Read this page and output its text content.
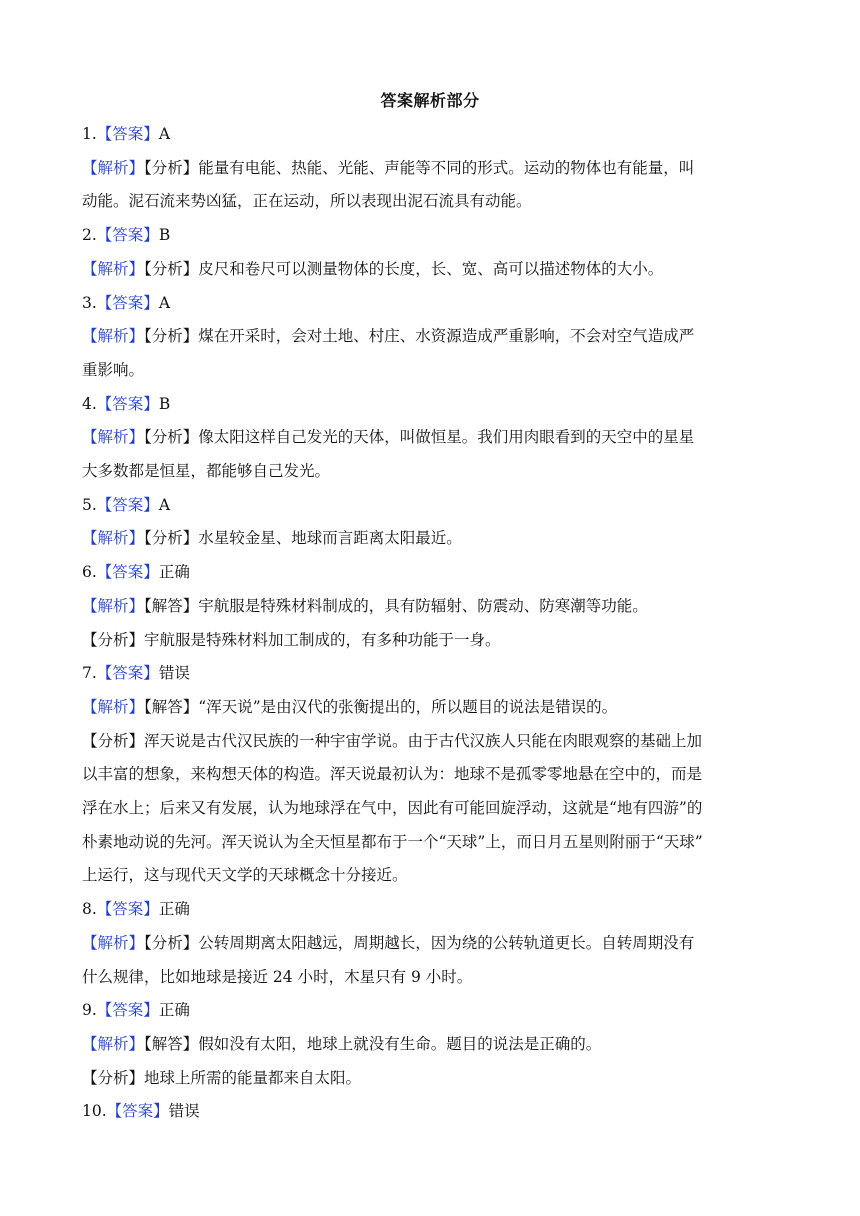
答案解析部分
1.【答案】A
【解析】【分析】能量有电能、热能、光能、声能等不同的形式。运动的物体也有能量，叫
动能。泥石流来势凶猛，正在运动，所以表现出泥石流具有动能。
2.【答案】B
【解析】【分析】皮尺和卷尺可以测量物体的长度，长、宽、高可以描述物体的大小。
3.【答案】A
【解析】【分析】煤在开采时，会对土地、村庄、水资源造成严重影响，不会对空气造成严
重影响。
4.【答案】B
【解析】【分析】像太阳这样自己发光的天体，叫做恒星。我们用肉眼看到的天空中的星星
大多数都是恒星，都能够自己发光。
5.【答案】A
【解析】【分析】水星较金星、地球而言距离太阳最近。
6.【答案】正确
【解析】【解答】宇航服是特殊材料制成的，具有防辐射、防震动、防寒潮等功能。
【分析】宇航服是特殊材料加工制成的，有多种功能于一身。
7.【答案】错误
【解析】【解答】“浑天说”是由汉代的张衡提出的，所以题目的说法是错误的。
【分析】浑天说是古代汉民族的一种宇宙学说。由于古代汉族人只能在肉眼观察的基础上加
以丰富的想象，来构想天体的构造。浑天说最初认为：地球不是孤零零地悬在空中的，而是
浮在水上；后来又有发展，认为地球浮在气中，因此有可能回旋浮动，这就是“地有四游”的
朴素地动说的先河。浑天说认为全天恒星都布于一个“天球”上，而日月五星则附丽于“天球”
上运行，这与现代天文学的天球概念十分接近。
8.【答案】正确
【解析】【分析】公转周期离太阳越远，周期越长，因为绕的公转轨道更长。自转周期没有
什么规律，比如地球是接近 24 小时，木星只有 9 小时。
9.【答案】正确
【解析】【解答】假如没有太阳，地球上就没有生命。题目的说法是正确的。
【分析】地球上所需的能量都来自太阳。
10.【答案】错误
